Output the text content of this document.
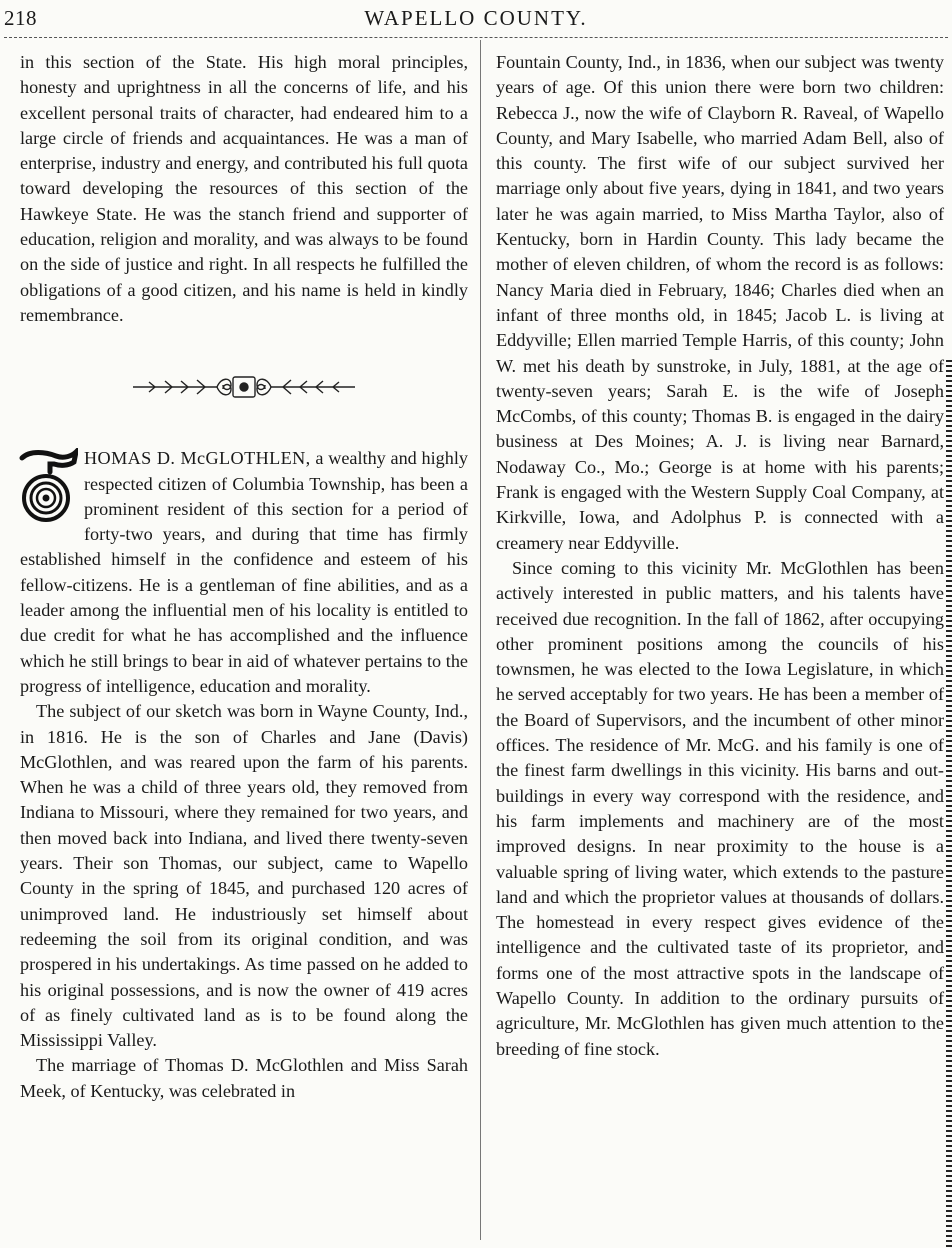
218	WAPELLO COUNTY.

in this section of the State. His high moral principles, honesty and uprightness in all the concerns of life, and his excellent personal traits of character, had endeared him to a large circle of friends and acquaintances. He was a man of enterprise, industry and energy, and contributed his full quota toward developing the resources of this section of the Hawkeye State. He was the stanch friend and supporter of education, religion and morality, and was always to be found on the side of justice and right. In all respects he fulfilled the obligations of a good citizen, and his name is held in kindly remembrance.

HOMAS D. McGLOTHLEN, a wealthy and highly respected citizen of Columbia Township, has been a prominent resident of this section for a period of forty-two years, and during that time has firmly established himself in the confidence and esteem of his fellow-citizens. He is a gentleman of fine abilities, and as a leader among the influential men of his locality is entitled to due credit for what he has accomplished and the influence which he still brings to bear in aid of whatever pertains to the progress of intelligence, education and morality.

The subject of our sketch was born in Wayne County, Ind., in 1816. He is the son of Charles and Jane (Davis) McGlothlen, and was reared upon the farm of his parents. When he was a child of three years old, they removed from Indiana to Missouri, where they remained for two years, and then moved back into Indiana, and lived there twenty-seven years. Their son Thomas, our subject, came to Wapello County in the spring of 1845, and purchased 120 acres of unimproved land. He industriously set himself about redeeming the soil from its original condition, and was prospered in his undertakings. As time passed on he added to his original possessions, and is now the owner of 419 acres of as finely cultivated land as is to be found along the Mississippi Valley.

The marriage of Thomas D. McGlothlen and Miss Sarah Meek, of Kentucky, was celebrated in

Fountain County, Ind., in 1836, when our subject was twenty years of age. Of this union there were born two children: Rebecca J., now the wife of Clayborn R. Raveal, of Wapello County, and Mary Isabelle, who married Adam Bell, also of this county. The first wife of our subject survived her marriage only about five years, dying in 1841, and two years later he was again married, to Miss Martha Taylor, also of Kentucky, born in Hardin County. This lady became the mother of eleven children, of whom the record is as follows: Nancy Maria died in February, 1846; Charles died when an infant of three months old, in 1845; Jacob L. is living at Eddyville; Ellen married Temple Harris, of this county; John W. met his death by sunstroke, in July, 1881, at the age of twenty-seven years; Sarah E. is the wife of Joseph McCombs, of this county; Thomas B. is engaged in the dairy business at Des Moines; A. J. is living near Barnard, Nodaway Co., Mo.; George is at home with his parents; Frank is engaged with the Western Supply Coal Company, at Kirkville, Iowa, and Adolphus P. is connected with a creamery near Eddyville.

Since coming to this vicinity Mr. McGlothlen has been actively interested in public matters, and his talents have received due recognition. In the fall of 1862, after occupying other prominent positions among the councils of his townsmen, he was elected to the Iowa Legislature, in which he served acceptably for two years. He has been a member of the Board of Supervisors, and the incumbent of other minor offices. The residence of Mr. McG. and his family is one of the finest farm dwellings in this vicinity. His barns and out-buildings in every way correspond with the residence, and his farm implements and machinery are of the most improved designs. In near proximity to the house is a valuable spring of living water, which extends to the pasture land and which the proprietor values at thousands of dollars. The homestead in every respect gives evidence of the intelligence and the cultivated taste of its proprietor, and forms one of the most attractive spots in the landscape of Wapello County. In addition to the ordinary pursuits of agriculture, Mr. McGlothlen has given much attention to the breeding of fine stock.
